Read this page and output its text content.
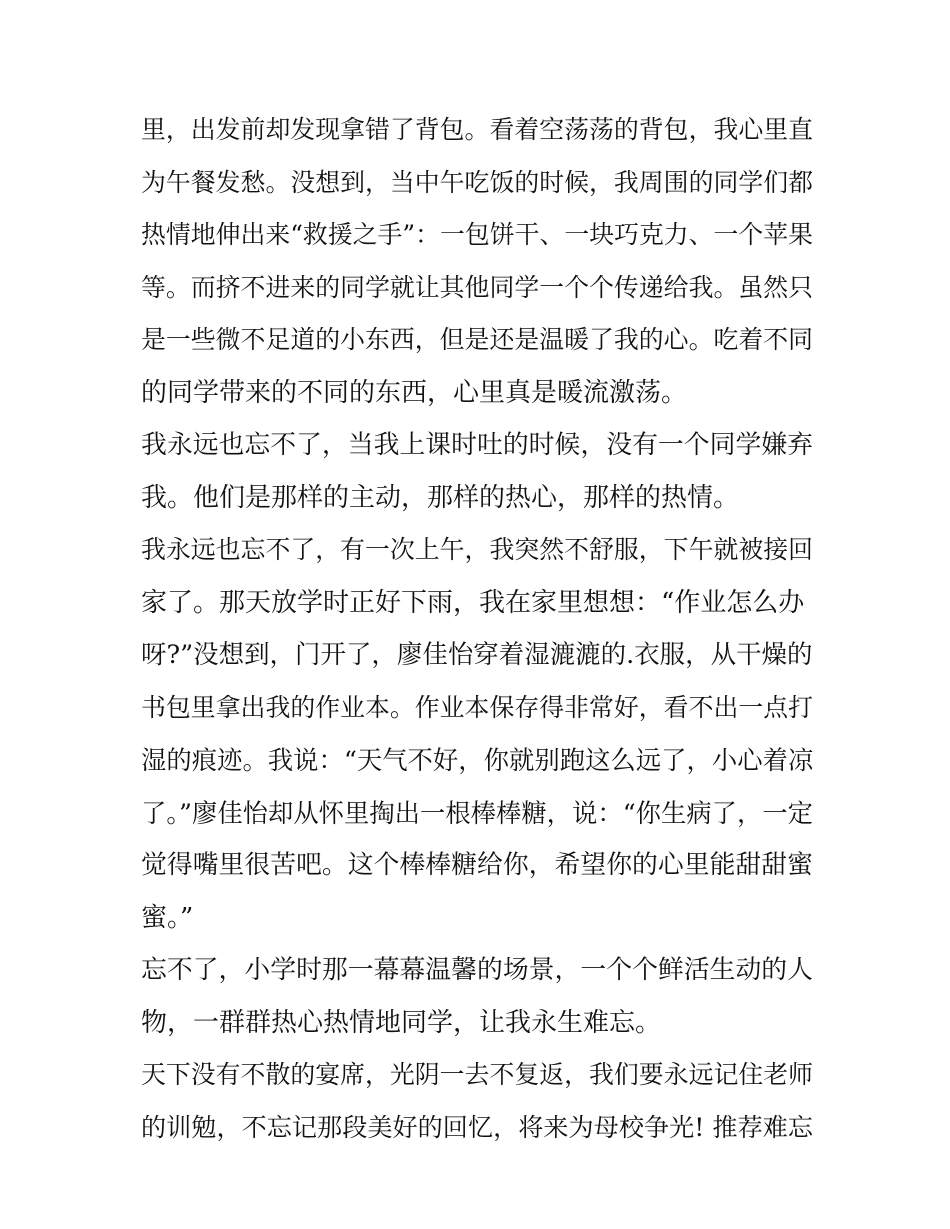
里，出发前却发现拿错了背包。看着空荡荡的背包，我心里直
为午餐发愁。没想到，当中午吃饭的时候，我周围的同学们都
热情地伸出来“救援之手”：一包饼干、一块巧克力、一个苹果
等。而挤不进来的同学就让其他同学一个个传递给我。虽然只
是一些微不足道的小东西，但是还是温暖了我的心。吃着不同
的同学带来的不同的东西，心里真是暖流激荡。
我永远也忘不了，当我上课时吐的时候，没有一个同学嫌弃
我。他们是那样的主动，那样的热心，那样的热情。
我永远也忘不了，有一次上午，我突然不舒服，下午就被接回
家了。那天放学时正好下雨，我在家里想想：“作业怎么办
呀?”没想到，门开了，廖佳怡穿着湿漉漉的.衣服，从干燥的
书包里拿出我的作业本。作业本保存得非常好，看不出一点打
湿的痕迹。我说：“天气不好，你就别跑这么远了，小心着凉
了。”廖佳怡却从怀里掏出一根棒棒糖，说：“你生病了，一定
觉得嘴里很苦吧。这个棒棒糖给你，希望你的心里能甜甜蜜
蜜。”
忘不了，小学时那一幕幕温馨的场景，一个个鲜活生动的人
物，一群群热心热情地同学，让我永生难忘。
天下没有不散的宴席，光阴一去不复返，我们要永远记住老师
的训勉，不忘记那段美好的回忆，将来为母校争光! 推荐难忘
